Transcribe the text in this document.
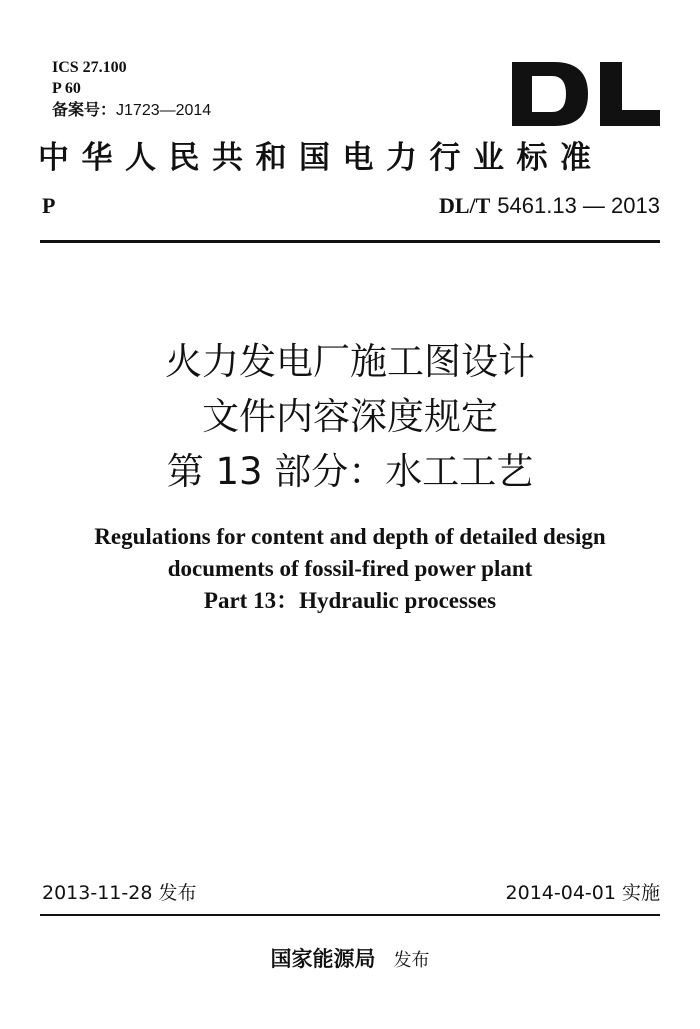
ICS 27.100
P 60
备案号：J1723—2014
中华人民共和国电力行业标准
P	DL/T 5461.13 — 2013
火力发电厂施工图设计
文件内容深度规定
第 13 部分：水工工艺
Regulations for content and depth of detailed design
documents of fossil-fired power plant
Part 13：Hydraulic processes
2013-11-28 发布	2014-04-01 实施
国家能源局 发布
